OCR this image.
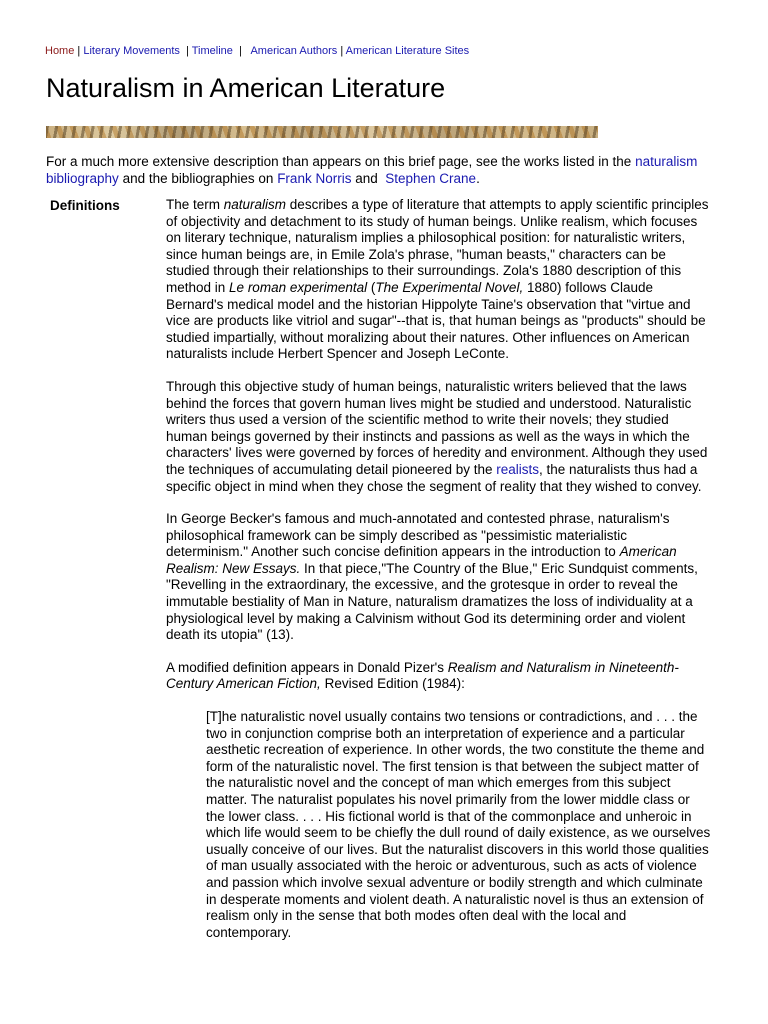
Home | Literary Movements  | Timeline  |   American Authors | American Literature Sites
Naturalism in American Literature
For a much more extensive description than appears on this brief page, see the works listed in the naturalism bibliography and the bibliographies on Frank Norris and  Stephen Crane.
Definitions	The term naturalism describes a type of literature that attempts to apply scientific principles of objectivity and detachment to its study of human beings. Unlike realism, which focuses on literary technique, naturalism implies a philosophical position: for naturalistic writers, since human beings are, in Emile Zola's phrase, "human beasts," characters can be studied through their relationships to their surroundings. Zola's 1880 description of this method in Le roman experimental (The Experimental Novel, 1880) follows Claude Bernard's medical model and the historian Hippolyte Taine's observation that "virtue and vice are products like vitriol and sugar"--that is, that human beings as "products" should be studied impartially, without moralizing about their natures. Other influences on American naturalists include Herbert Spencer and Joseph LeConte.

Through this objective study of human beings, naturalistic writers believed that the laws behind the forces that govern human lives might be studied and understood. Naturalistic writers thus used a version of the scientific method to write their novels; they studied human beings governed by their instincts and passions as well as the ways in which the characters' lives were governed by forces of heredity and environment. Although they used the techniques of accumulating detail pioneered by the realists, the naturalists thus had a specific object in mind when they chose the segment of reality that they wished to convey.

In George Becker's famous and much-annotated and contested phrase, naturalism's philosophical framework can be simply described as "pessimistic materialistic determinism." Another such concise definition appears in the introduction to American Realism: New Essays. In that piece,"The Country of the Blue," Eric Sundquist comments, "Revelling in the extraordinary, the excessive, and the grotesque in order to reveal the immutable bestiality of Man in Nature, naturalism dramatizes the loss of individuality at a physiological level by making a Calvinism without God its determining order and violent death its utopia" (13).

A modified definition appears in Donald Pizer's Realism and Naturalism in Nineteenth-Century American Fiction, Revised Edition (1984):

[T]he naturalistic novel usually contains two tensions or contradictions, and . . . the two in conjunction comprise both an interpretation of experience and a particular aesthetic recreation of experience. In other words, the two constitute the theme and form of the naturalistic novel. The first tension is that between the subject matter of the naturalistic novel and the concept of man which emerges from this subject matter. The naturalist populates his novel primarily from the lower middle class or the lower class. . . . His fictional world is that of the commonplace and unheroic in which life would seem to be chiefly the dull round of daily existence, as we ourselves usually conceive of our lives. But the naturalist discovers in this world those qualities of man usually associated with the heroic or adventurous, such as acts of violence and passion which involve sexual adventure or bodily strength and which culminate in desperate moments and violent death. A naturalistic novel is thus an extension of realism only in the sense that both modes often deal with the local and contemporary.
